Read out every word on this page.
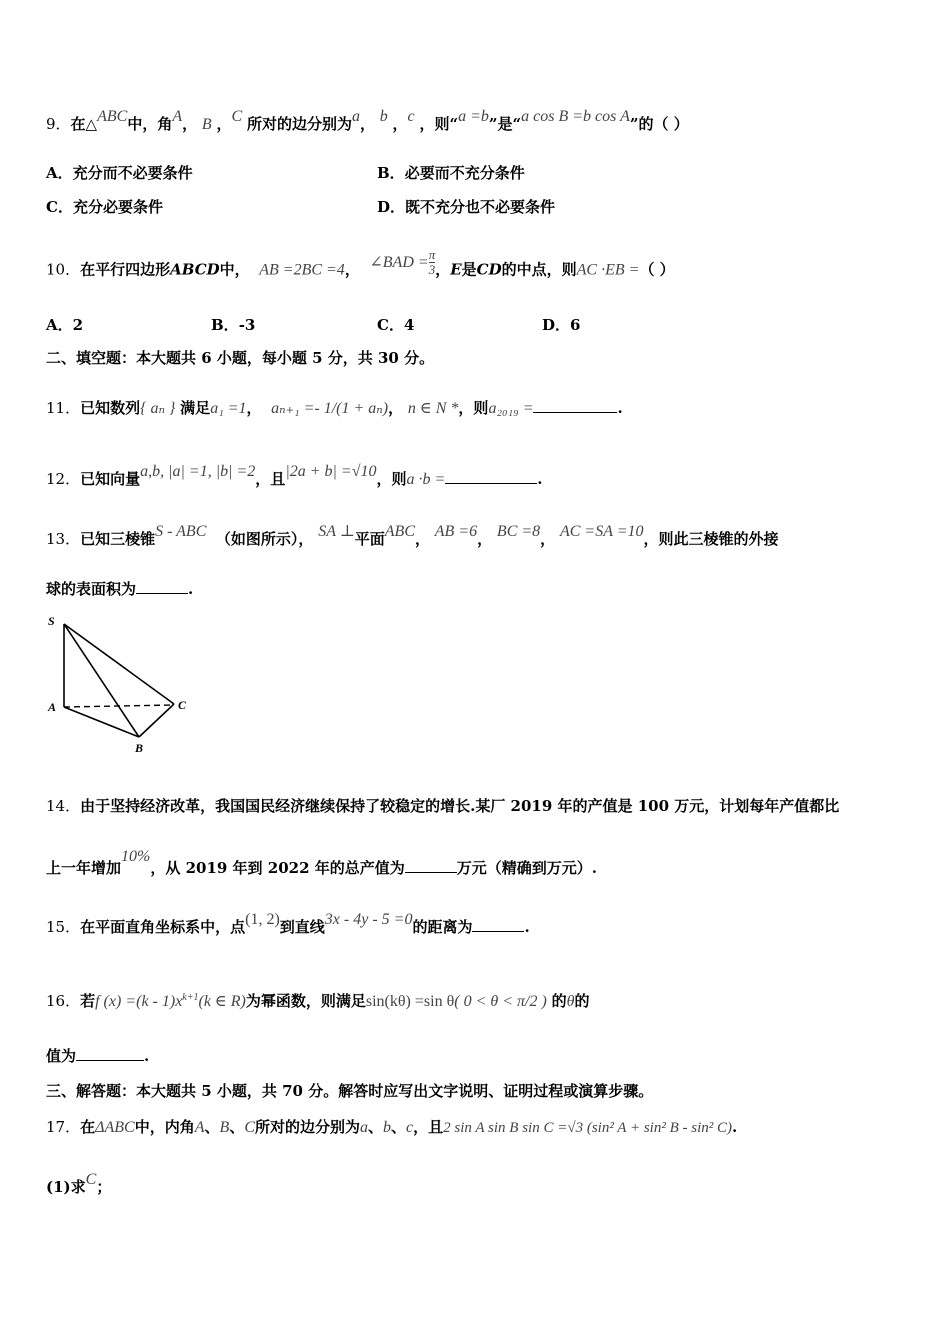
9．在△ABC中，角A， B ，C 所对的边分别为a， b ，c ，则“a =b”是“a cos B =b cos A”的（ ）
A．充分而不必要条件	B．必要而不充分条件
C．充分必要条件	D．既不充分也不必要条件
10．在平行四边形ABCD中， AB =2BC =4， ∠BAD = $\frac{\pi}{3}$ ，E是CD的中点，则AC ·EB =（ ）
A．2	B．-3	C．4	D．6
二、填空题：本大题共 6 小题，每小题 5 分，共 30 分。
11．已知数列{ aₙ } 满足a₁ =1， aₙ₊₁ =- 1/(1 + aₙ)， n ∈ N *，则a₂₀₁₉ =	.
12．已知向量a,b, |a| =1, |b| =2，且|2a + b| =√10，则a ·b =	.
13．已知三棱锥S - ABC （如图所示）， SA ⊥平面ABC， AB =6， BC =8， AC =SA =10，则此三棱锥的外接
球的表面积为	.
S
A
B
C
14．由于坚持经济改革，我国国民经济继续保持了较稳定的增长.某厂 2019 年的产值是 100 万元，计划每年产值都比
上一年增加10%，从 2019 年到 2022 年的总产值为	万元（精确到万元）.
15．在平面直角坐标系中，点(1, 2)到直线3x - 4y - 5 =0的距离为	.
16．若f $(x) =(k - 1)x^{k+1}(k$ ∈ R)为幂函数，则满足sin(kθ) =sin θ( 0 < θ < π/2 ) 的θ的
值为	.
三、解答题：本大题共 5 小题，共 70 分。解答时应写出文字说明、证明过程或演算步骤。
17．在ΔABC中，内角A、B、C所对的边分别为a、b、c，且2 sin A sin B sin C =√3 (sin² A + sin² B - sin² C).
(1)求C；
